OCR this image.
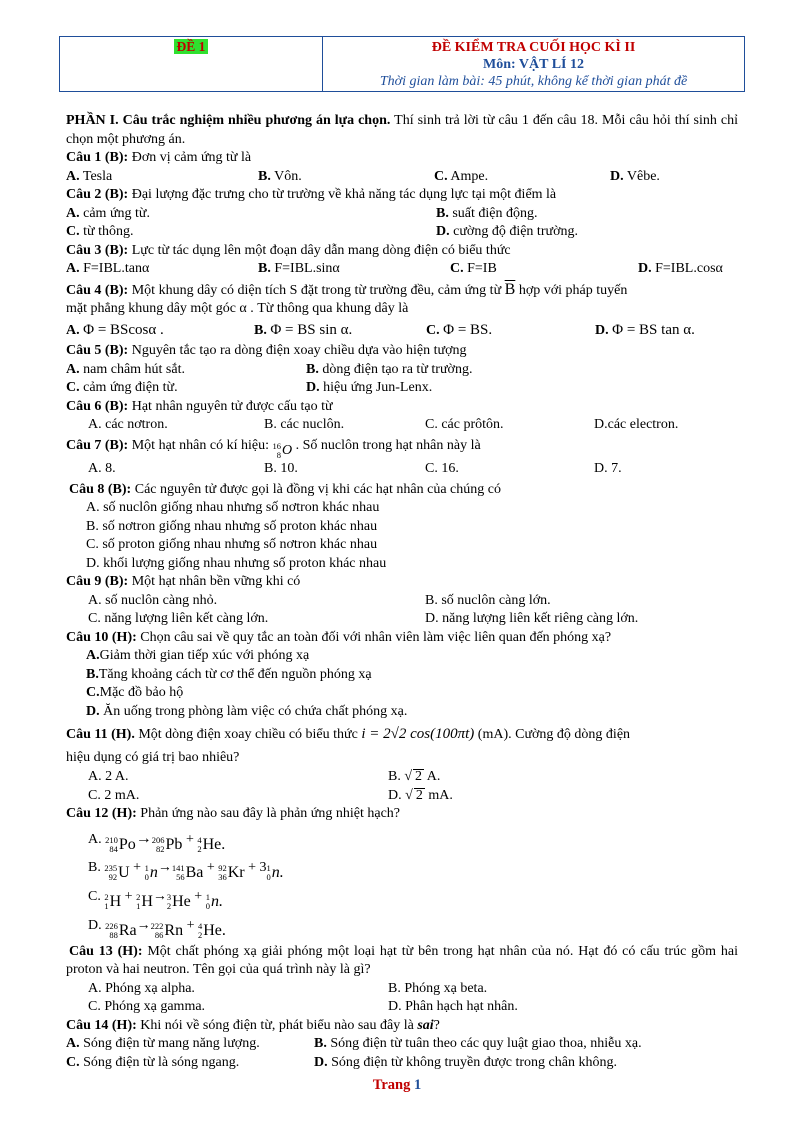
ĐỀ 1	ĐỀ KIỂM TRA CUỐI HỌC KÌ II
Môn: VẬT LÍ 12
Thời gian làm bài: 45 phút, không kể thời gian phát đề
PHẦN I. Câu trắc nghiệm nhiều phương án lựa chọn. Thí sinh trả lời từ câu 1 đến câu 18. Mỗi câu hỏi thí sinh chỉ chọn một phương án.
Câu 1 (B): Đơn vị cảm ứng từ là
A. Tesla	B. Vôn.	C. Ampe.	D. Vêbe.
Câu 2 (B): Đại lượng đặc trưng cho từ trường về khả năng tác dụng lực tại một điểm là
A. cảm ứng từ.	B. suất điện động.
C. từ thông.	D. cường độ điện trường.
Câu 3 (B): Lực từ tác dụng lên một đoạn dây dẫn mang dòng điện có biểu thức
A. F=IBL.tanα	B. F=IBL.sinα	C. F=IB	D. F=IBL.cosα
Câu 4 (B): Một khung dây có diện tích S đặt trong từ trường đều, cảm ứng từ $\overline{B}$ hợp với pháp tuyến
mặt phẳng khung dây một góc α . Từ thông qua khung dây là
A. Φ = BScosα .	B. Φ = BS sin α.	C. Φ = BS.	D. Φ = BS tan α.
Câu 5 (B): Nguyên tắc tạo ra dòng điện xoay chiều dựa vào hiện tượng
A. nam châm hút sắt.	B. dòng điện tạo ra từ trường.
C. cảm ứng điện từ.	D. hiệu ứng Jun-Lenx.
Câu 6 (B): Hạt nhân nguyên tử được cấu tạo từ
A. các nơtron.	B. các nuclôn.	C. các prôtôn.	D.các electron.
Câu 7 (B): Một hạt nhân có kí hiệu: 16
8 O . Số nuclôn trong hạt nhân này là
A. 8.	B. 10.	C. 16.	D. 7.
Câu 8 (B): Các nguyên tử được gọi là đồng vị khi các hạt nhân của chúng có
A. số nuclôn giống nhau nhưng số nơtron khác nhau
B. số nơtron giống nhau nhưng số proton khác nhau
C. số proton giống nhau nhưng số nơtron khác nhau
D. khối lượng giống nhau nhưng số proton khác nhau
Câu 9 (B): Một hạt nhân bền vững khi có
A. số nuclôn càng nhỏ.	B. số nuclôn càng lớn.
C. năng lượng liên kết càng lớn.	D. năng lượng liên kết riêng càng lớn.
Câu 10 (H): Chọn câu sai về quy tắc an toàn đối với nhân viên làm việc liên quan đến phóng xạ?
A.Giảm thời gian tiếp xúc với phóng xạ
B.Tăng khoảng cách từ cơ thể đến nguồn phóng xạ
C.Mặc đồ bảo hộ
D. Ăn uống trong phòng làm việc có chứa chất phóng xạ.
Câu 11 (H). Một dòng điện xoay chiều có biểu thức i = 2√2 cos(100πt) (mA). Cường độ dòng điện
hiệu dụng có giá trị bao nhiêu?
A. 2 A.	B. √ 2 A.
C. 2 mA.	D. √ 2 mA.
Câu 12 (H): Phản ứng nào sau đây là phản ứng nhiệt hạch?
A. 210
84 Po → 206
82 Pb + 4
2 He.
B. 235
92 U + 1
0 n → 141
56 Ba + 92
36 Kr + 3 1
0 n.
C. 2
1 H + 2
1 H → 3
2 He + 1
0 n.
D. 226
88 Ra → 222
86 Rn + 4
2 He.
Câu 13 (H): Một chất phóng xạ giải phóng một loại hạt từ bên trong hạt nhân của nó. Hạt đó có cấu trúc gồm hai proton và hai neutron. Tên gọi của quá trình này là gì?
A. Phóng xạ alpha.	B. Phóng xạ beta.
C. Phóng xạ gamma.	D. Phân hạch hạt nhân.
Câu 14 (H): Khi nói về sóng điện từ, phát biểu nào sau đây là sai?
A. Sóng điện từ mang năng lượng.	B. Sóng điện từ tuân theo các quy luật giao thoa, nhiễu xạ.
C. Sóng điện từ là sóng ngang.	D. Sóng điện từ không truyền được trong chân không.
Trang 1
